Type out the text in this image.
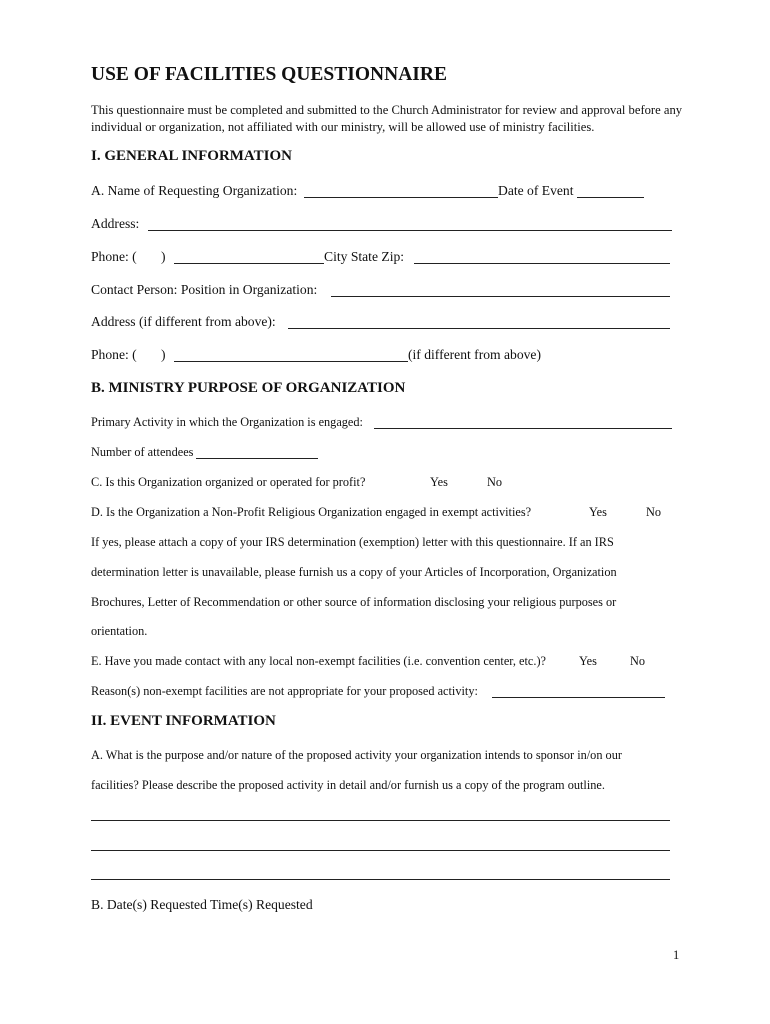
USE OF FACILITIES QUESTIONNAIRE
This questionnaire must be completed and submitted to the Church Administrator for review and approval before any individual or organization, not affiliated with our ministry, will be allowed use of ministry facilities.
I. GENERAL INFORMATION
A. Name of Requesting Organization:	Date of Event
Address:
Phone: ( )	City State Zip:
Contact Person: Position in Organization:
Address (if different from above):
Phone: ( )	(if different from above)
B. MINISTRY PURPOSE OF ORGANIZATION
Primary Activity in which the Organization is engaged:
Number of attendees
C. Is this Organization organized or operated for profit?	Yes	No
D. Is the Organization a Non-Profit Religious Organization engaged in exempt activities?	Yes	No
If yes, please attach a copy of your IRS determination (exemption) letter with this questionnaire. If an IRS
determination letter is unavailable, please furnish us a copy of your Articles of Incorporation, Organization
Brochures, Letter of Recommendation or other source of information disclosing your religious purposes or
orientation.
E. Have you made contact with any local non-exempt facilities (i.e. convention center, etc.)?	Yes	No
Reason(s) non-exempt facilities are not appropriate for your proposed activity:
II. EVENT INFORMATION
A. What is the purpose and/or nature of the proposed activity your organization intends to sponsor in/on our
facilities? Please describe the proposed activity in detail and/or furnish us a copy of the program outline.
B. Date(s) Requested Time(s) Requested
1
